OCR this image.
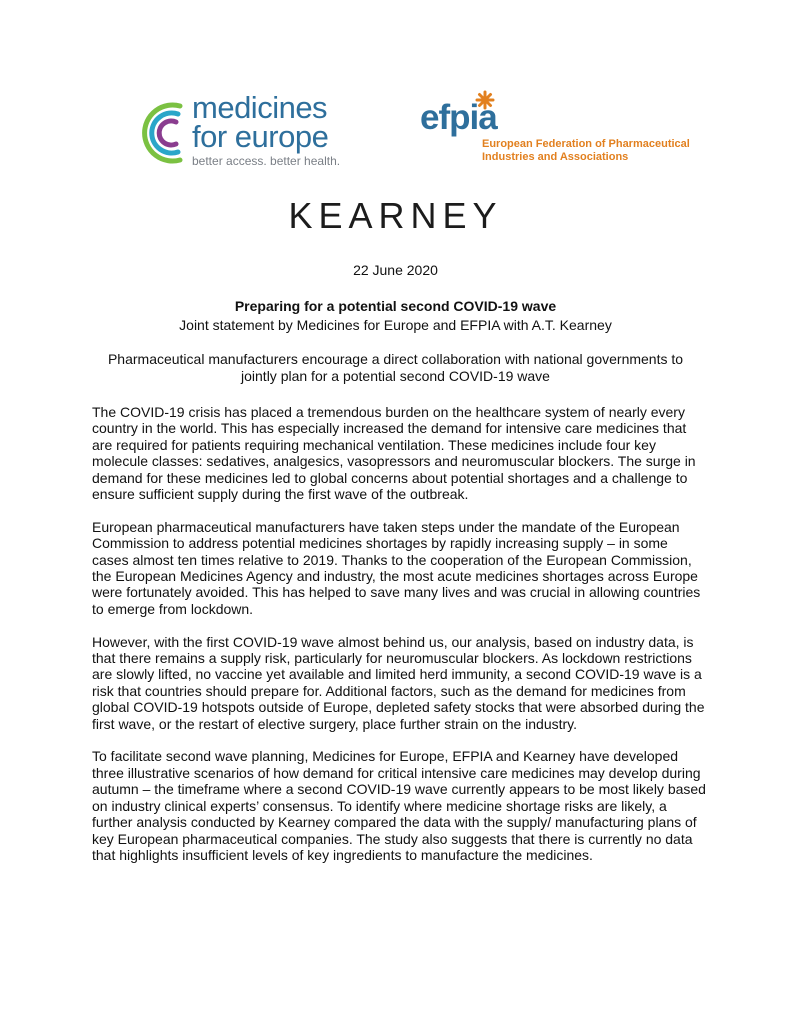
medicines
for europe
better access. better health.
efpia
European Federation of Pharmaceutical
Industries and Associations
KEARNEY
22 June 2020
Preparing for a potential second COVID-19 wave
Joint statement by Medicines for Europe and EFPIA with A.T. Kearney
Pharmaceutical manufacturers encourage a direct collaboration with national governments to jointly plan for a potential second COVID-19 wave

The COVID-19 crisis has placed a tremendous burden on the healthcare system of nearly every country in the world. This has especially increased the demand for intensive care medicines that are required for patients requiring mechanical ventilation. These medicines include four key molecule classes: sedatives, analgesics, vasopressors and neuromuscular blockers. The surge in demand for these medicines led to global concerns about potential shortages and a challenge to ensure sufficient supply during the first wave of the outbreak.

European pharmaceutical manufacturers have taken steps under the mandate of the European Commission to address potential medicines shortages by rapidly increasing supply – in some cases almost ten times relative to 2019. Thanks to the cooperation of the European Commission, the European Medicines Agency and industry, the most acute medicines shortages across Europe were fortunately avoided. This has helped to save many lives and was crucial in allowing countries to emerge from lockdown.

However, with the first COVID-19 wave almost behind us, our analysis, based on industry data, is that there remains a supply risk, particularly for neuromuscular blockers. As lockdown restrictions are slowly lifted, no vaccine yet available and limited herd immunity, a second COVID-19 wave is a risk that countries should prepare for. Additional factors, such as the demand for medicines from global COVID-19 hotspots outside of Europe, depleted safety stocks that were absorbed during the first wave, or the restart of elective surgery, place further strain on the industry.

To facilitate second wave planning, Medicines for Europe, EFPIA and Kearney have developed three illustrative scenarios of how demand for critical intensive care medicines may develop during autumn – the timeframe where a second COVID-19 wave currently appears to be most likely based on industry clinical experts’ consensus. To identify where medicine shortage risks are likely, a further analysis conducted by Kearney compared the data with the supply/ manufacturing plans of key European pharmaceutical companies. The study also suggests that there is currently no data that highlights insufficient levels of key ingredients to manufacture the medicines.
